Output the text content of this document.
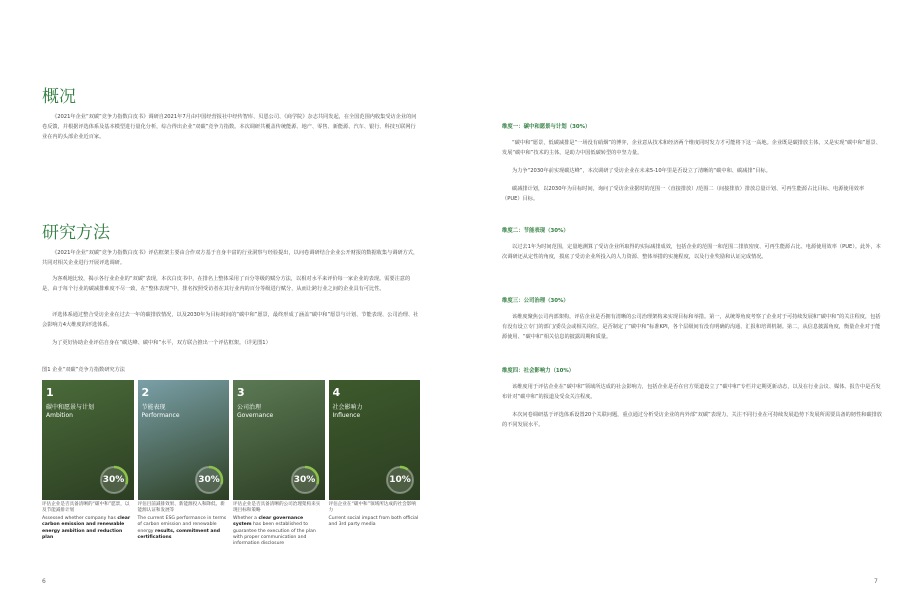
概况

《2021年企业“双碳”竞争力指数白皮书》调研自2021年7月由中国经营报社中经传智库、贝恩公司、《商学院》杂志共同发起，在全国范围内收集受访企业的问卷反馈，并根据评选体系及基本模型进行量化分析，综合得出企业“双碳”竞争力指数。本次调研共覆盖传统能源、地产、零售、新能源、汽车、银行、科技互联网行业在内的头部企业近百家。

研究方法

《2021年企业“双碳”竞争力指数白皮书》评估框架主要由合作双方基于自身丰富的行业洞察与经验提出，以问卷调研结合企业公开财报的数据收集与调研方式，共同对相关企业进行开展评选调研。

为客观地比较，揭示各行业企业的“双碳”表现，本次白皮书中，在排名上整体采用了百分等级的赋分方法，以相对水平来评价每一家企业的表现。需要注意的是，由于每个行业的碳减排难度不尽一致，在“整体表现”中，排名按照受访者在其行业内的百分等级进行赋分，从而让跨行业之间的企业具有可比性。

评选体系通过整合受访企业在过去一年的碳排放情况，以及2030年为目标时间的“碳中和”愿景，最终形成了涵盖“碳中和”愿景与计划、节能表现、公司治理、社会影响力4大维度的评选体系。

为了更好协助企业评估自身在“碳达峰、碳中和”水平，双方联合推出一个评估框架。（详见图1）

图1 企业“双碳”竞争力指数研究方法
1
碳中和愿景与计划
Ambition
30%
2
节能表现
Performance
30%
3
公司治理
Governance
30%
4
社会影响力
Influence
10%
评估企业是否具备清晰的“碳中和”愿景，以及节能减排计划
Assessed whether company has clear carbon emission and renewable energy ambition and reduction plan
评估目前减排效果、新能源投入和降低、新能源认证和发展等
The current ESG performance in terms of carbon emission and renewable energy results, commitment and certifications
评估企业是否具备清晰的公司治理架构来实现目标和策略
Whether a clear governance system has been established to guarantee the execution of the plan with proper communication and information disclosure
评估企业在“碳中和”领域所达成的社会影响力
Current social impact from both official and 3rd party media
6	7
维度一：碳中和愿景与计划（30%）

“碳中和”愿景，低碳减排是“一场没有硝烟”的博弈，企业意从技术和经济两个维度同时发力才可能将下这一高地。企业既是碳排放主体，又是实现“碳中和”愿景、发展“碳中和”技术的主体，是助力中国低碳转型的中坚力量。

为力争“2030年前实现碳达峰”，本次调研了受访企业在未来5-10年里是否设立了清晰的“碳中和、碳减排”目标。

碳减排计划，以2030年为目标时间，询问了受访企业据时的范围一（直接排放）/范围二（间接排放）排放总量计划、可再生能源占比目标、电源使用效率（PUE）目标。

维度二：节能表现（30%）

以过去1年为时间范围，定量地测算了受访企业所取得的实际减排成效，包括企业的范围一和范围二排放密度、可再生能源占比、电源使用效率（PUE）。此外，本次调研还从定性的角度，摸底了受访企业所投入的人力资源、整体举措的实施程度，以及行业奖励和认证完成情况。

维度三：公司治理（30%）

该维度聚焦公司内部架构，评估企业是否拥有清晰的公司治理架构来实现目标和举措。第一，从统筹角度考察了企业对于可持续发展和“碳中和”的关注程度，包括有没有设立专门的部门/委员会或相关岗位，是否制定了“碳中和”标准KPI，各个层级间有没有明确的沟通、汇报和培训机制。第二，从信息披露角度，衡量企业对于能源使用、“碳中和”相关信息的披露周期和质量。

维度四：社会影响力（10%）

该维度用于评估企业在“碳中和”领域所达成的社会影响力，包括企业是否在官方渠道设立了“碳中和”专栏并定期更新动态，以及在行业会议、媒体、报告中是否发布针对“碳中和”的报道及受众关注程度。

本次问卷调研基于评选体系设置20个关联问题，重点通过分析受访企业的内外部“双碳”表现力，关注不同行业在可持续发展趋势下发展所需要具备的韧性和碳排放的不同发展水平。
